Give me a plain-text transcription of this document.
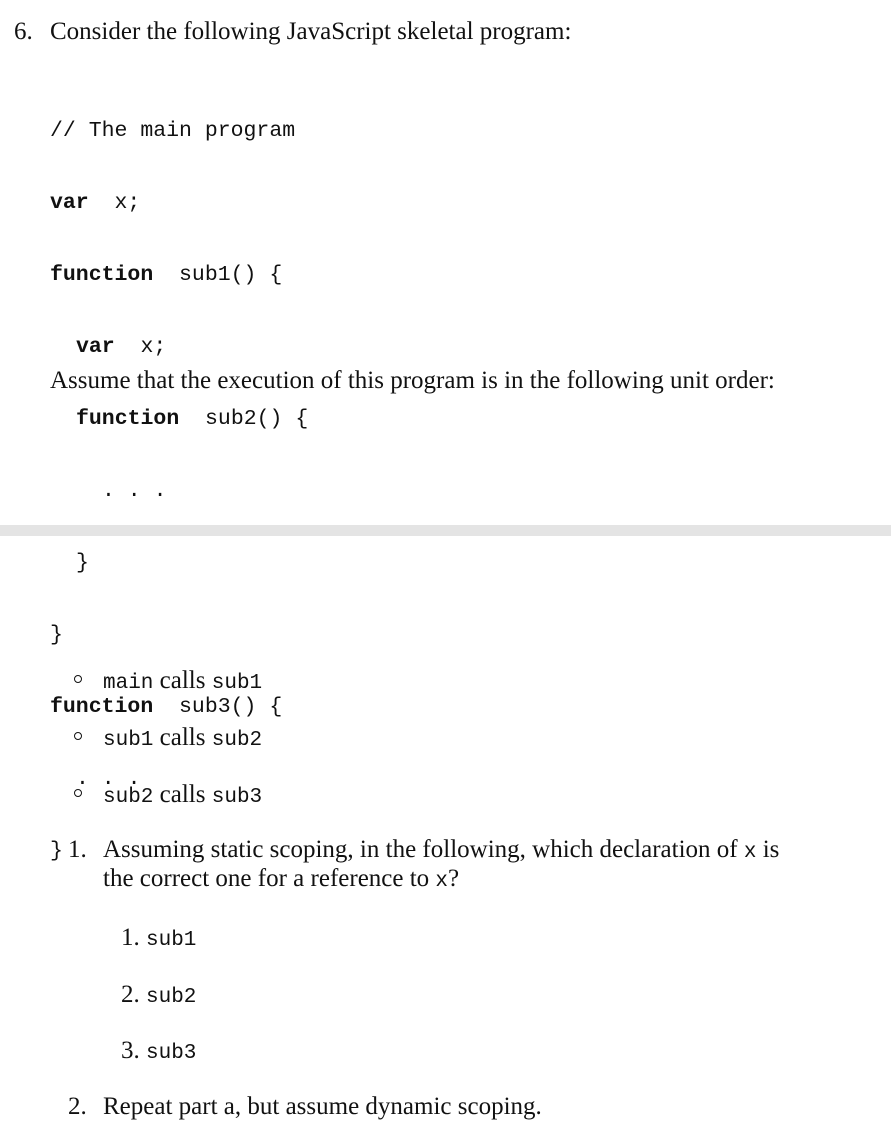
6. Consider the following JavaScript skeletal program:

// The main program

var  x;

function  sub1() {

var  x;

function  sub2() {

. . .

}

}

function  sub3() {

. . .

}

Assume that the execution of this program is in the following unit order:
main calls sub1
sub1 calls sub2
sub2 calls sub3
1. Assuming static scoping, in the following, which declaration of x is
the correct one for a reference to x?
1. sub1
2. sub2
3. sub3
2. Repeat part a, but assume dynamic scoping.
